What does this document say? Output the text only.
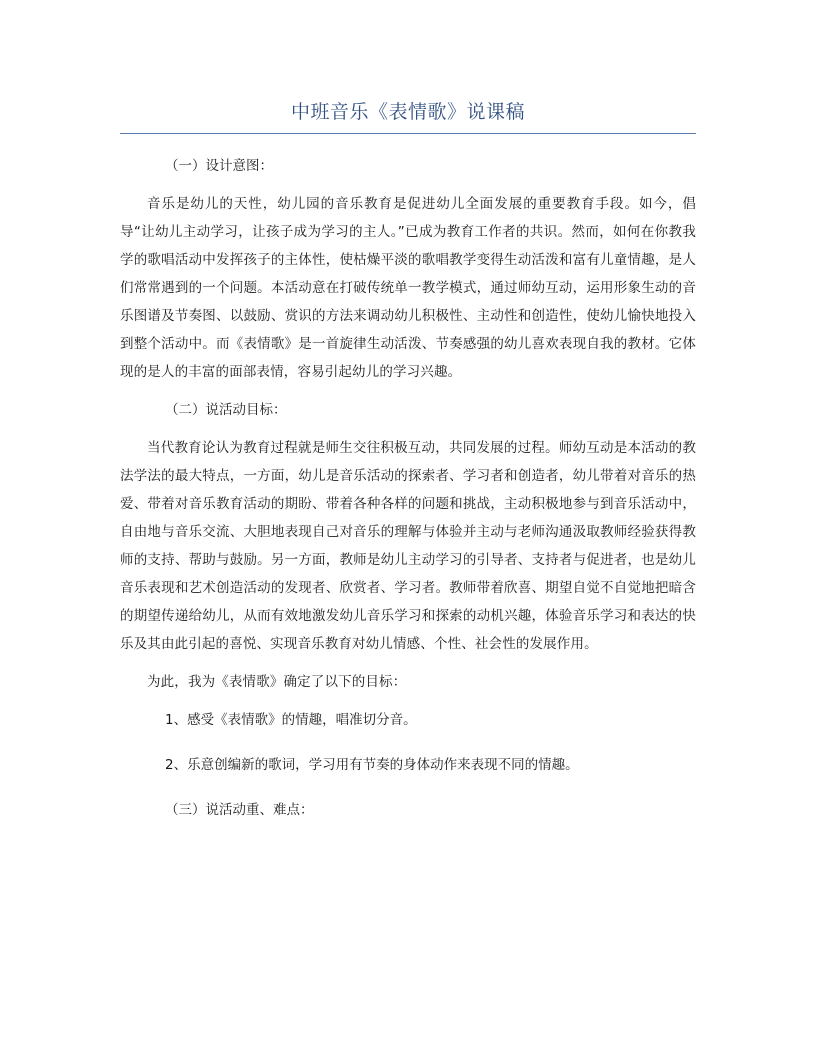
中班音乐《表情歌》说课稿

（一）设计意图：

音乐是幼儿的天性，幼儿园的音乐教育是促进幼儿全面发展的重要教育手段。如今，倡导“让幼儿主动学习，让孩子成为学习的主人。”已成为教育工作者的共识。然而，如何在你教我学的歌唱活动中发挥孩子的主体性，使枯燥平淡的歌唱教学变得生动活泼和富有儿童情趣，是人们常常遇到的一个问题。本活动意在打破传统单一教学模式，通过师幼互动，运用形象生动的音乐图谱及节奏图、以鼓励、赏识的方法来调动幼儿积极性、主动性和创造性，使幼儿愉快地投入到整个活动中。而《表情歌》是一首旋律生动活泼、节奏感强的幼儿喜欢表现自我的教材。它体现的是人的丰富的面部表情，容易引起幼儿的学习兴趣。

（二）说活动目标：

当代教育论认为教育过程就是师生交往积极互动，共同发展的过程。师幼互动是本活动的教法学法的最大特点，一方面，幼儿是音乐活动的探索者、学习者和创造者，幼儿带着对音乐的热爱、带着对音乐教育活动的期盼、带着各种各样的问题和挑战，主动积极地参与到音乐活动中，自由地与音乐交流、大胆地表现自己对音乐的理解与体验并主动与老师沟通汲取教师经验获得教师的支持、帮助与鼓励。另一方面，教师是幼儿主动学习的引导者、支持者与促进者，也是幼儿音乐表现和艺术创造活动的发现者、欣赏者、学习者。教师带着欣喜、期望自觉不自觉地把暗含的期望传递给幼儿，从而有效地激发幼儿音乐学习和探索的动机兴趣，体验音乐学习和表达的快乐及其由此引起的喜悦、实现音乐教育对幼儿情感、个性、社会性的发展作用。

为此，我为《表情歌》确定了以下的目标：

1、感受《表情歌》的情趣，唱准切分音。

2、乐意创编新的歌词，学习用有节奏的身体动作来表现不同的情趣。

（三）说活动重、难点：
